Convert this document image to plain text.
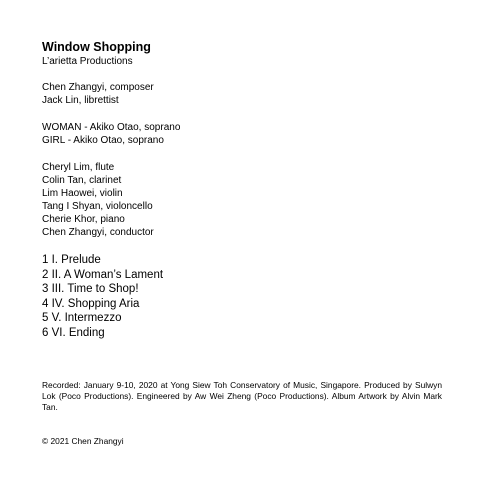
Window Shopping

L’arietta Productions

Chen Zhangyi, composer

Jack Lin, librettist

WOMAN - Akiko Otao, soprano

GIRL - Akiko Otao, soprano

Cheryl Lim, flute

Colin Tan, clarinet

Lim Haowei, violin

Tang I Shyan, violoncello

Cherie Khor, piano

Chen Zhangyi, conductor

1 I. Prelude

2 II. A Woman’s Lament

3 III. Time to Shop!

4 IV. Shopping Aria

5 V. Intermezzo

6 VI. Ending

Recorded: January 9-10, 2020 at Yong Siew Toh Conservatory of Music, Singapore. Produced by Sulwyn Lok (Poco Productions). Engineered by Aw Wei Zheng (Poco Productions). Album Artwork by Alvin Mark Tan.

© 2021 Chen Zhangyi
